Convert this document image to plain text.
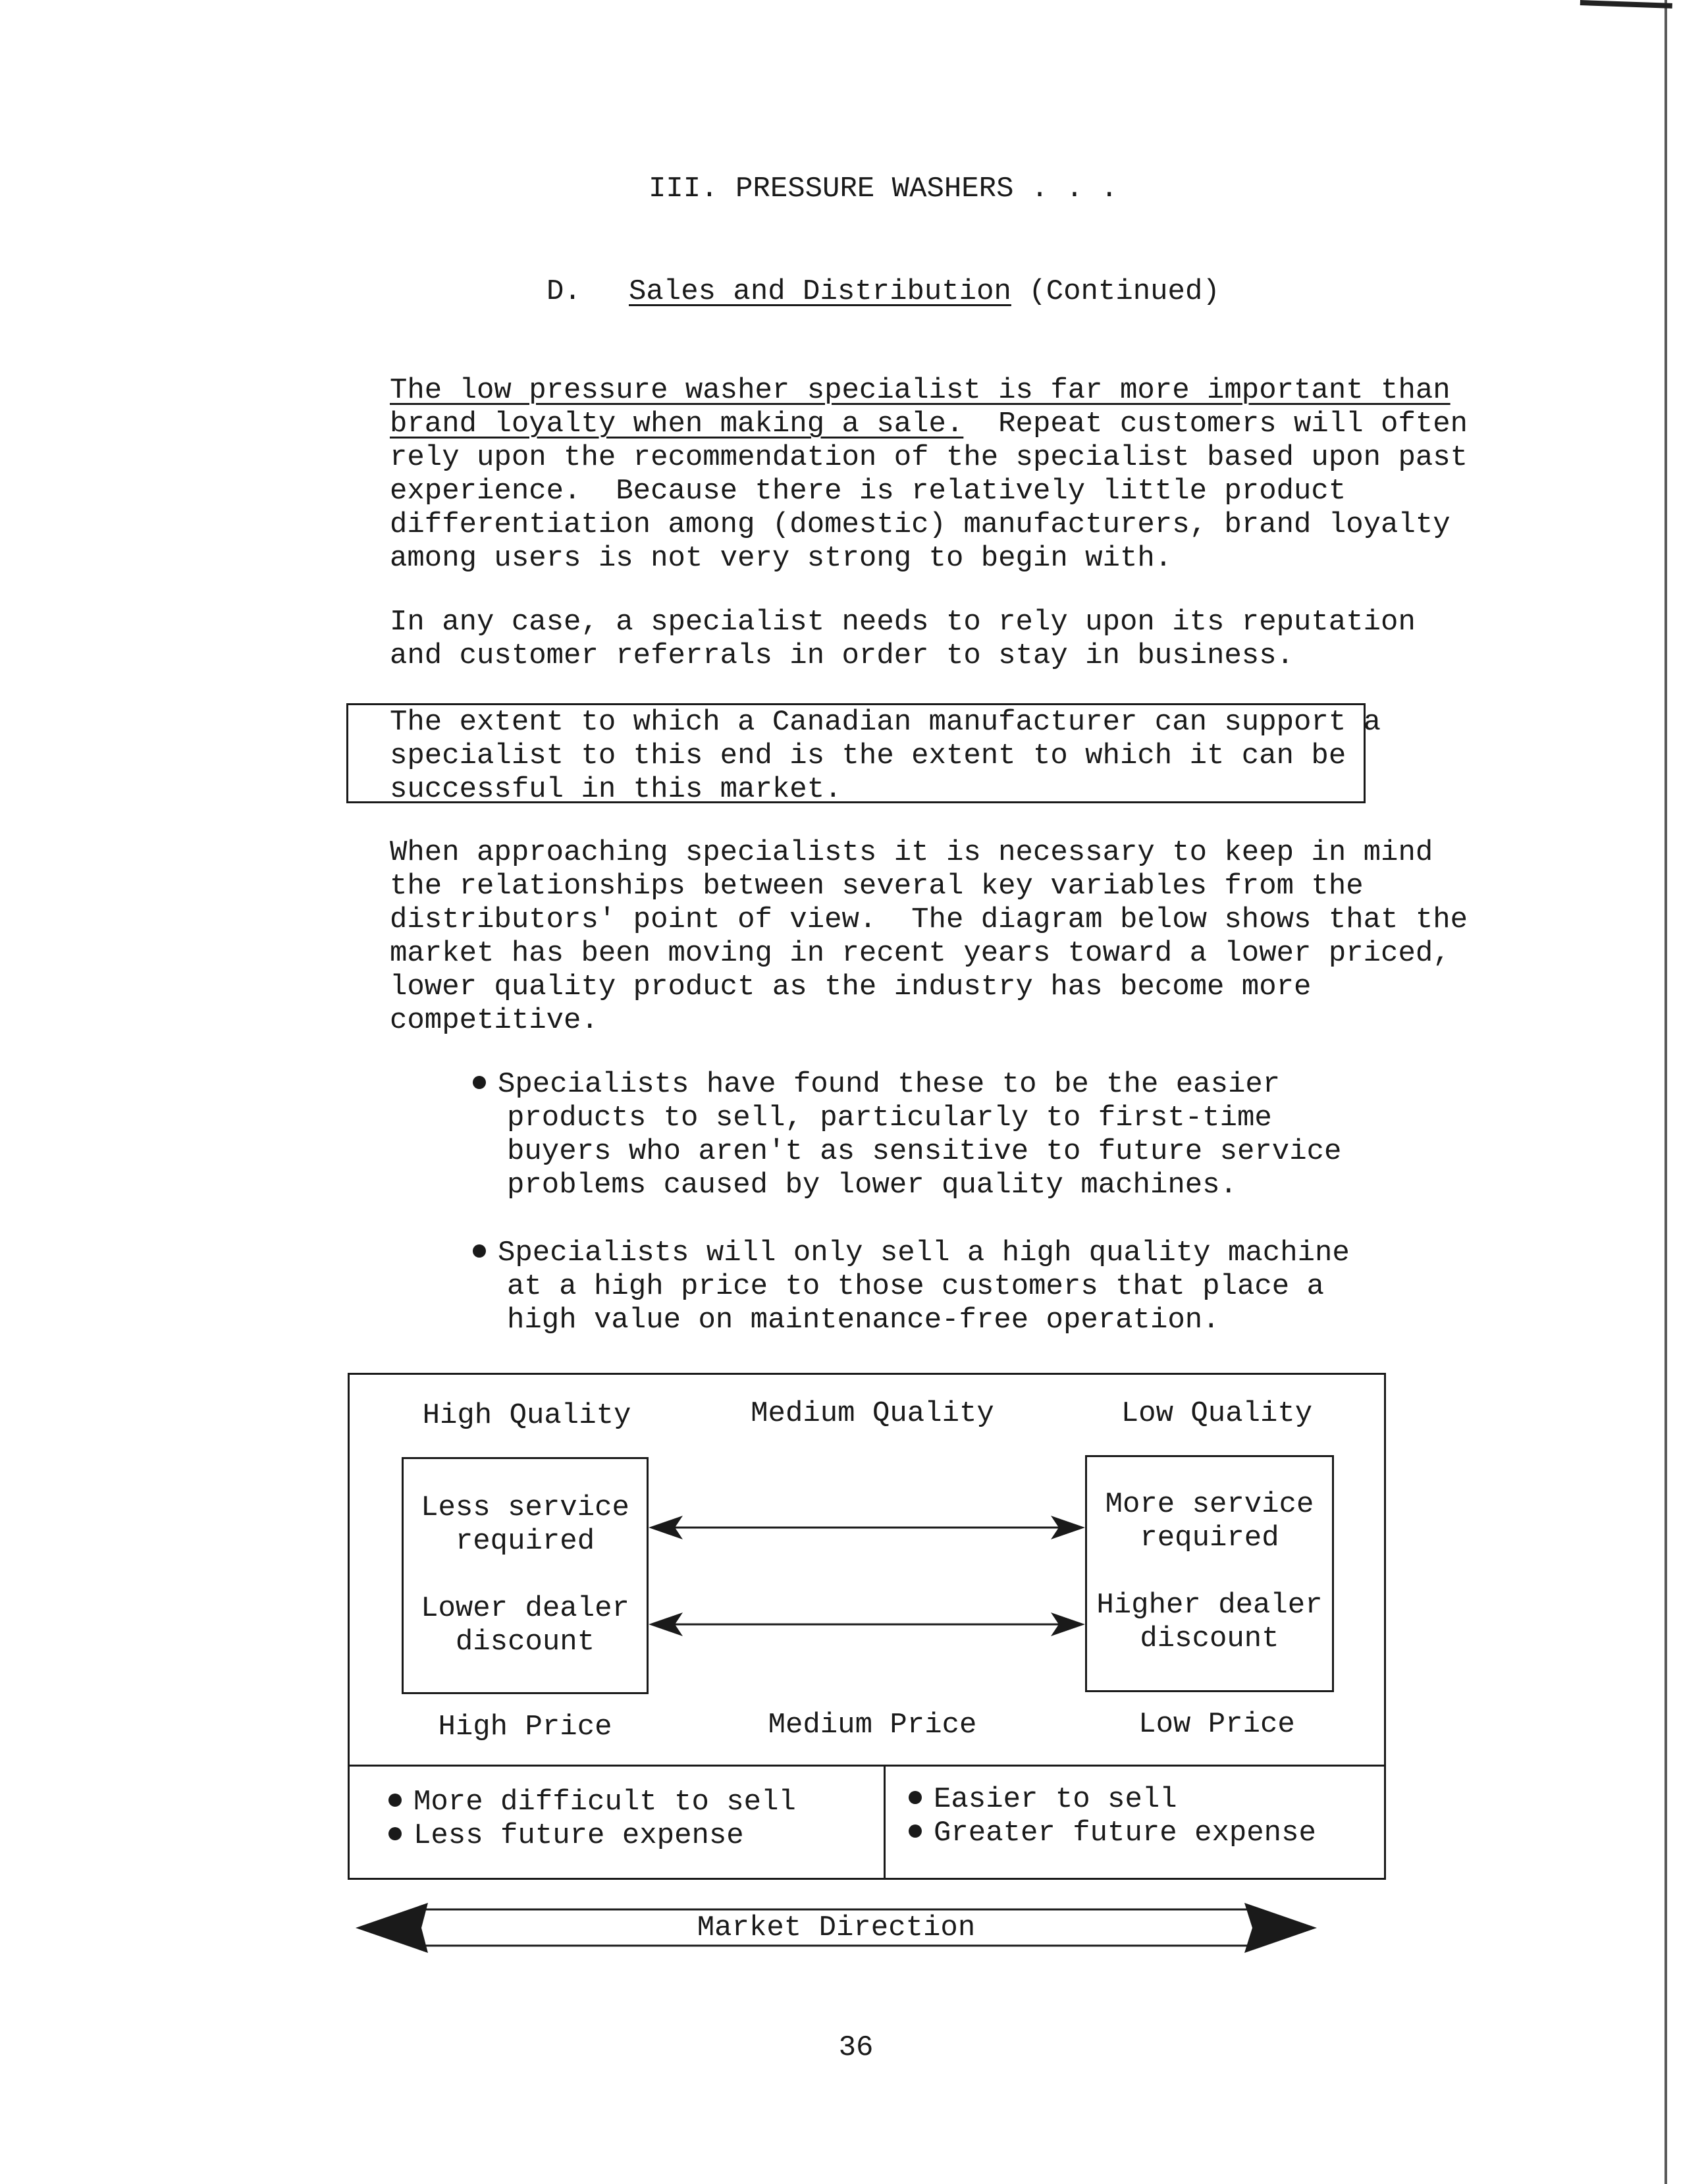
III. PRESSURE WASHERS . . .
D. Sales and Distribution (Continued)
The low pressure washer specialist is far more important than
brand loyalty when making a sale.  Repeat customers will often
rely upon the recommendation of the specialist based upon past
experience.  Because there is relatively little product
differentiation among (domestic) manufacturers, brand loyalty
among users is not very strong to begin with.
In any case, a specialist needs to rely upon its reputation
and customer referrals in order to stay in business.
The extent to which a Canadian manufacturer can support a
specialist to this end is the extent to which it can be
successful in this market.
When approaching specialists it is necessary to keep in mind
the relationships between several key variables from the
distributors' point of view.  The diagram below shows that the
market has been moving in recent years toward a lower priced,
lower quality product as the industry has become more
competitive.
Specialists have found these to be the easier
products to sell, particularly to first-time
buyers who aren't as sensitive to future service
problems caused by lower quality machines.
Specialists will only sell a high quality machine
at a high price to those customers that place a
high value on maintenance-free operation.
High Quality	Medium Quality	Low Quality
Less service
required
Lower dealer
discount
More service
required
Higher dealer
discount
High Price	Medium Price	Low Price
More difficult to sell
Less future expense
Easier to sell
Greater future expense
Market Direction
36
